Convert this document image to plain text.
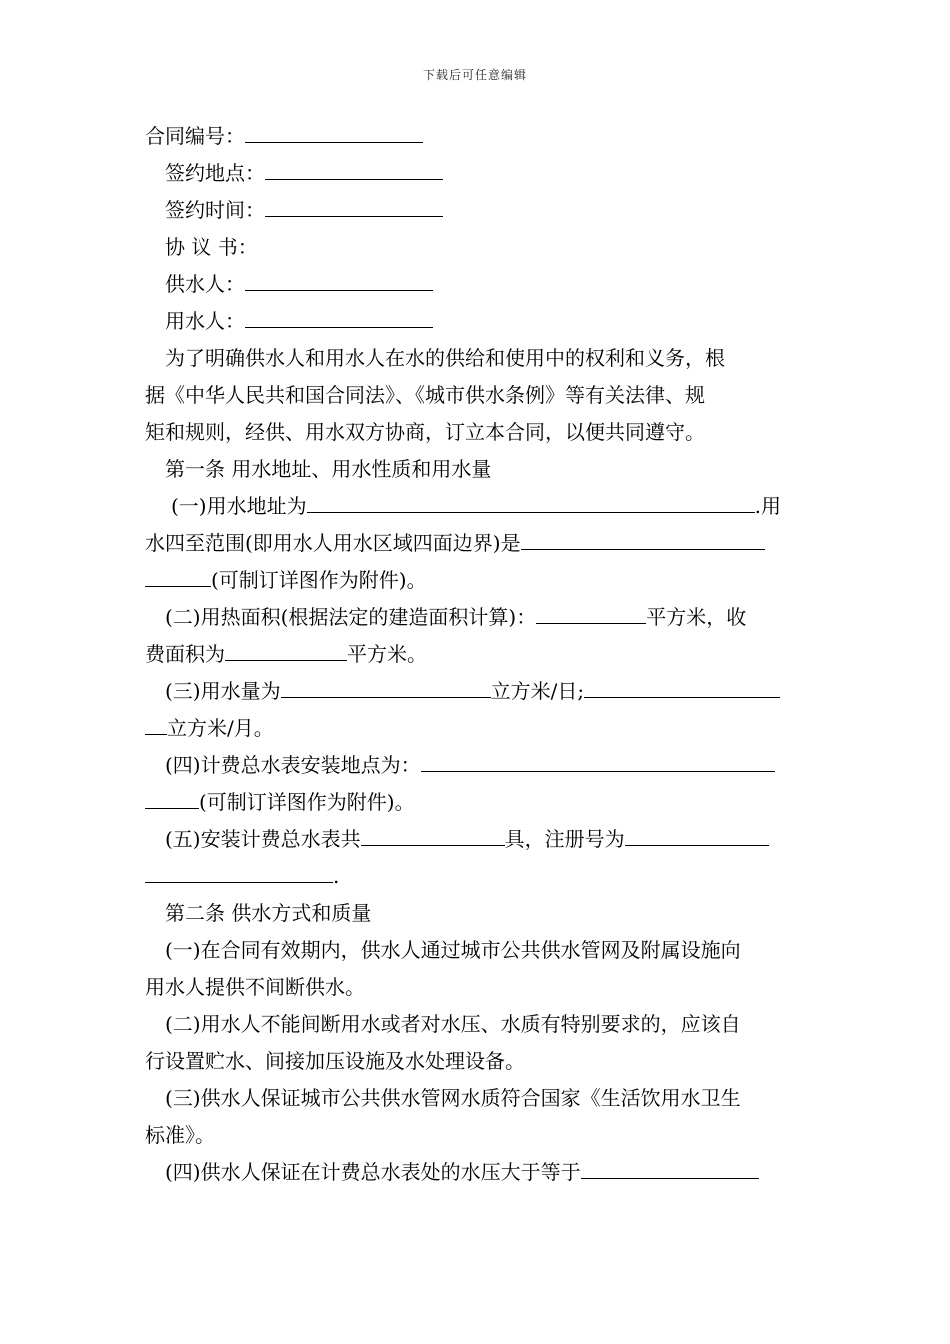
下载后可任意编辑
合同编号：
签约地点：
签约时间：
协 议 书：
供水人：
用水人：
为了明确供水人和用水人在水的供给和使用中的权利和义务，根
据《中华人民共和国合同法》、《城市供水条例》等有关法律、规
矩和规则，经供、用水双方协商，订立本合同，以便共同遵守。
第一条 用水地址、用水性质和用水量
(一)用水地址为	.用
水四至范围(即用水人用水区域四面边界)是
(可制订详图作为附件)。
(二)用热面积(根据法定的建造面积计算)：	平方米，收
费面积为	平方米。
(三)用水量为	立方米/日;
立方米/月。
(四)计费总水表安装地点为：
(可制订详图作为附件)。
(五)安装计费总水表共	具，注册号为
.
第二条 供水方式和质量
(一)在合同有效期内，供水人通过城市公共供水管网及附属设施向
用水人提供不间断供水。
(二)用水人不能间断用水或者对水压、水质有特别要求的，应该自
行设置贮水、间接加压设施及水处理设备。
(三)供水人保证城市公共供水管网水质符合国家《生活饮用水卫生
标准》。
(四)供水人保证在计费总水表处的水压大于等于
